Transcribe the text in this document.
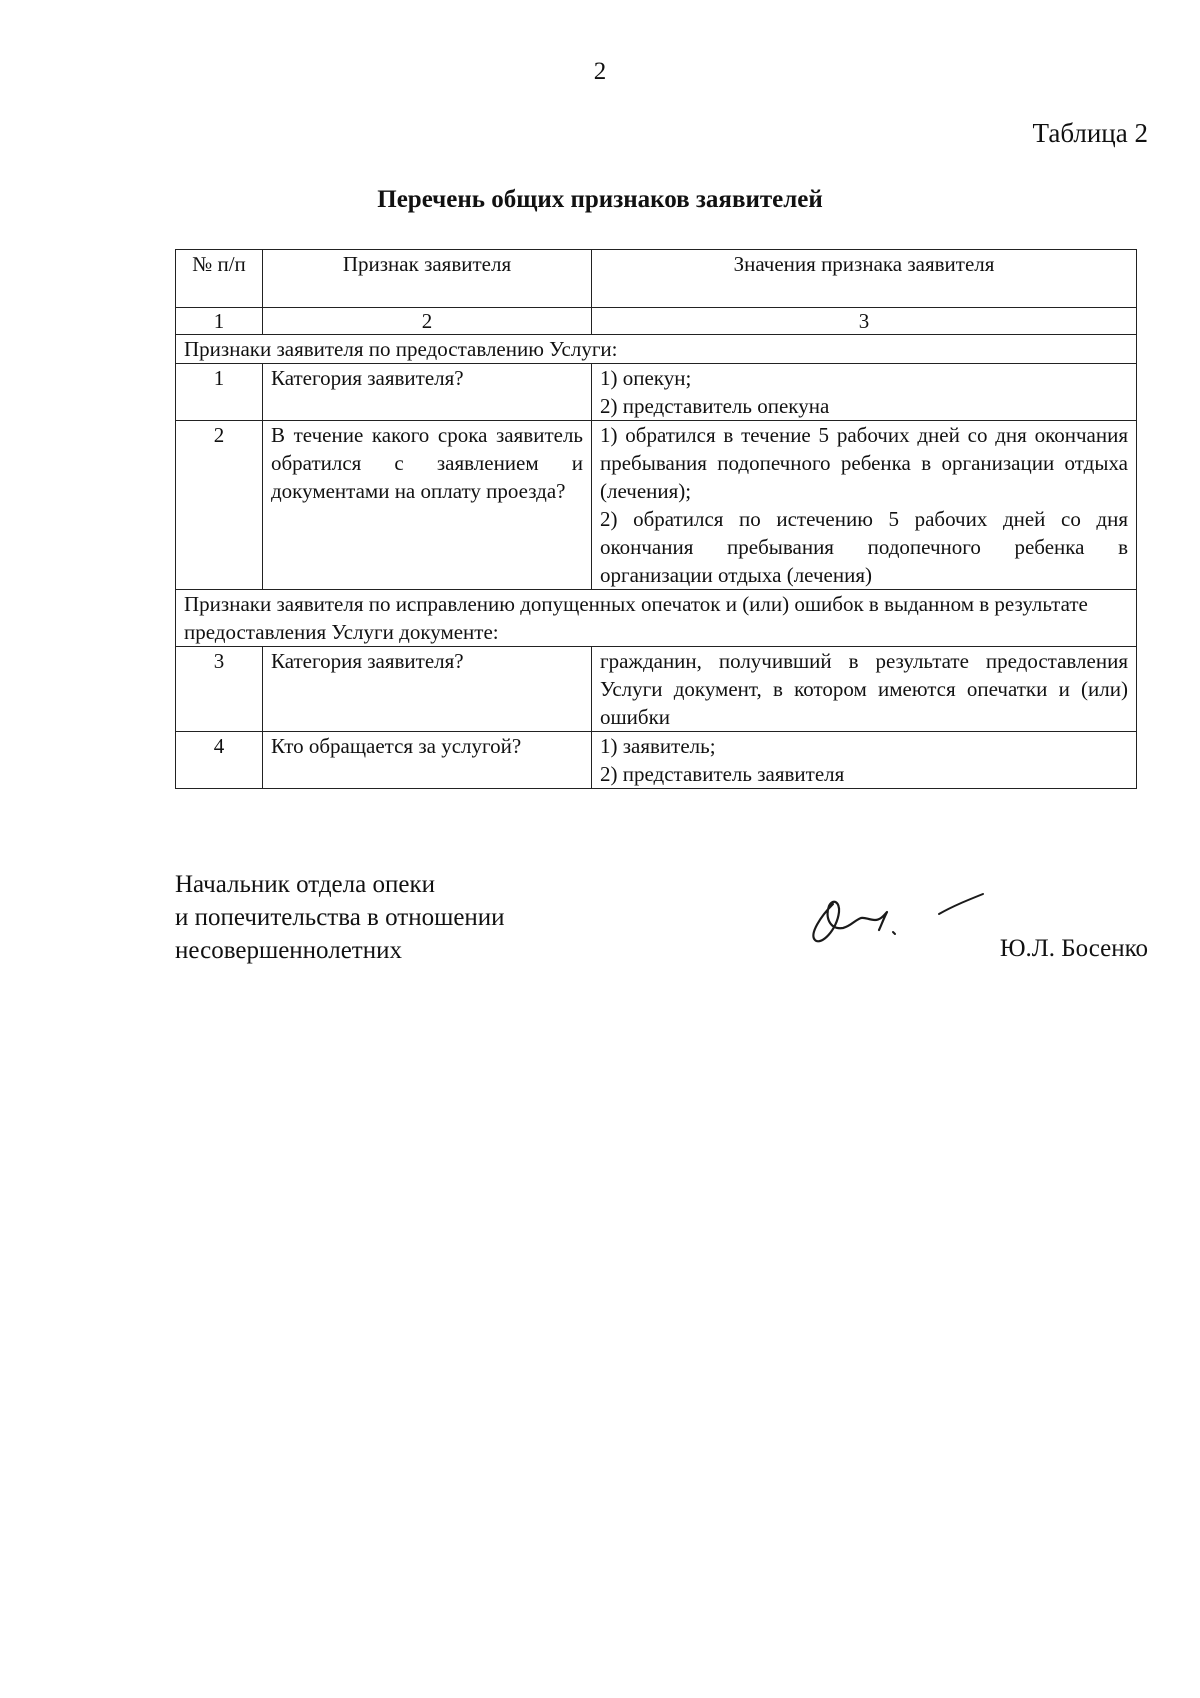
2
Таблица 2
Перечень общих признаков заявителей
№ п/п	Признак заявителя	Значения признака заявителя
1	2	3
Признаки заявителя по предоставлению Услуги:		
1	Категория заявителя?	1) опекун;
2) представитель опекуна

2	В течение какого срока заявитель обратился с заявлением и документами на оплату проезда?	1) обратился в течение 5 рабочих дней со дня окончания пребывания подопечного ребенка в организации отдыха (лечения);
2) обратился по истечению 5 рабочих дней со дня окончания пребывания подопечного ребенка в организации отдыха (лечения)

Признаки заявителя по исправлению допущенных опечаток и (или) ошибок в выданном в результате предоставления Услуги документе:		
3	Категория заявителя?	гражданин, получивший в результате предоставления Услуги документ, в котором имеются опечатки и (или) ошибки

4	Кто обращается за услугой?	1) заявитель;
2) представитель заявителя
Начальник отдела опеки
и попечительства в отношении
несовершеннолетних	Ю.Л. Босенко
